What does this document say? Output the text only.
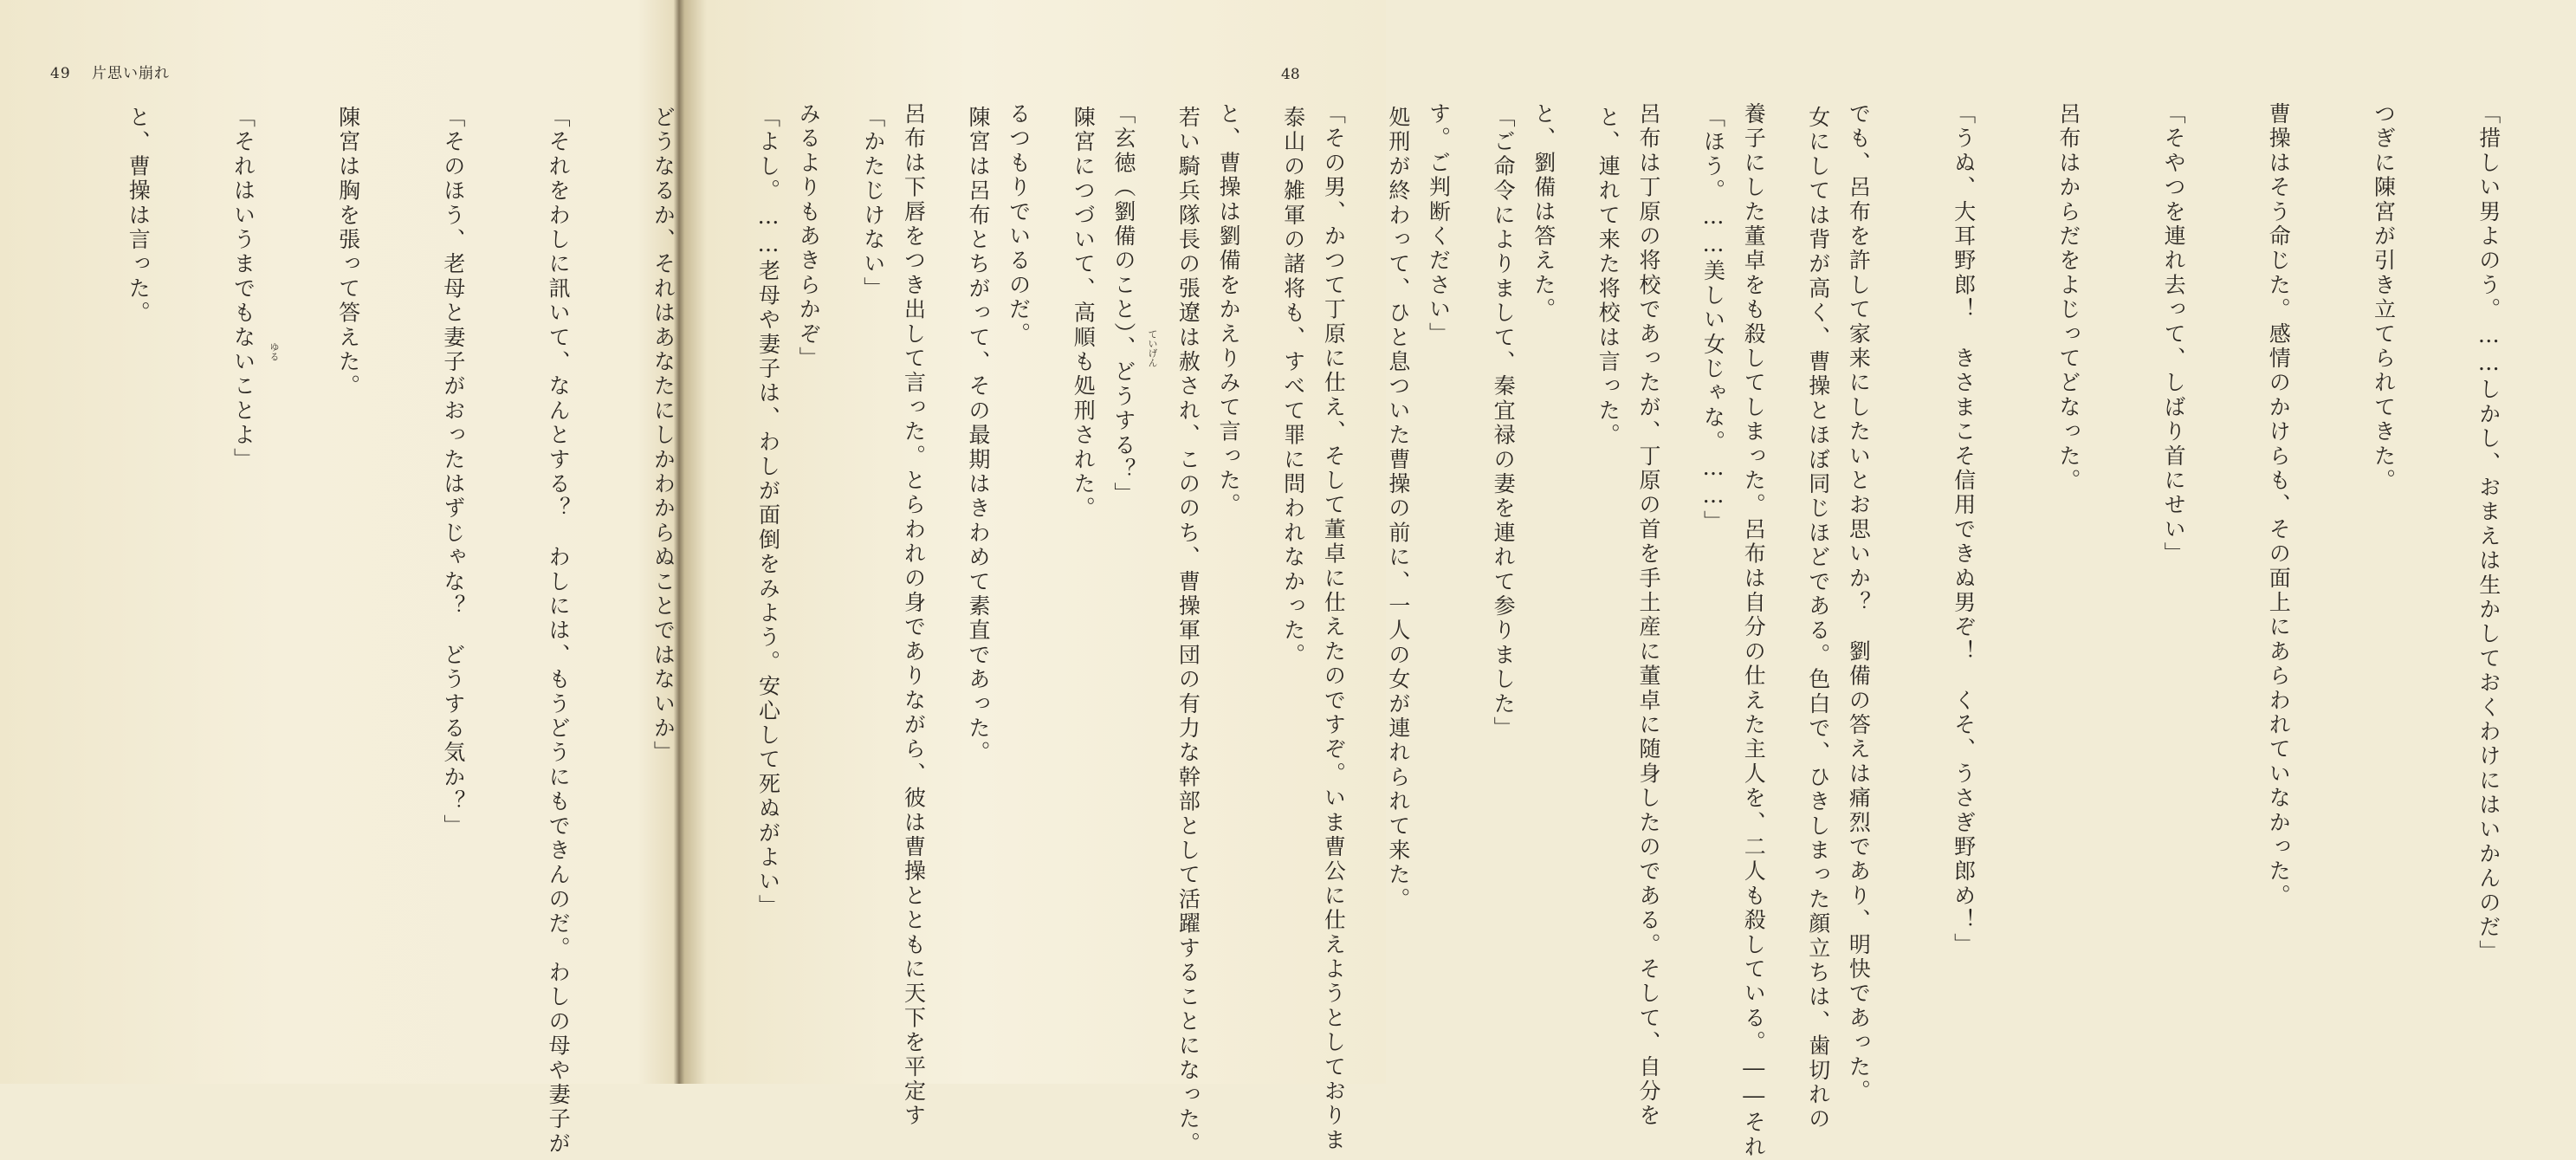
49 片思い崩れ

女にしては背が高く、曹操とほぼ同じほどである。色白で、ひきしまった顔立ちは、歯切れの

「ほう。……美しい女じゃな。……」

と、連れて来た将校は言った。

「ご命令によりまして、秦宜禄の妻を連れて参りました」

処刑が終わって、ひと息ついた曹操の前に、一人の女が連れられて来た。

泰山の雑軍の諸将も、すべて罪に問われなかった。

若い騎兵隊長の張遼は赦され、こののち、曹操軍団の有力な幹部として活躍することになった。

陳宮につづいて、高順も処刑された。

陳宮は呂布とちがって、その最期はきわめて素直であった。

「かたじけない」

「よし。……老母や妻子は、わしが面倒をみよう。安心して死ぬがよい」

どうなるか、それはあなたにしかわからぬことではないか」

「それをわしに訊いて、なんとする？　わしには、もうどうにもできんのだ。わしの母や妻子が

「そのほう、老母と妻子がおったはずじゃな？　どうする気か？」

陳宮は胸を張って答えた。

「それはいうまでもないことよ」

と、曹操は言った。

ゆる
48

「措しい男よのう。……しかし、おまえは生かしておくわけにはいかんのだ」

つぎに陳宮が引き立てられてきた。

曹操はそう命じた。感情のかけらも、その面上にあらわれていなかった。

「そやつを連れ去って、しばり首にせい」

呂布はからだをよじってどなった。

「うぬ、大耳野郎！　きさまこそ信用できぬ男ぞ！　くそ、うさぎ野郎め！」

でも、呂布を許して家来にしたいとお思いか？　劉備の答えは痛烈であり、明快であった。

養子にした董卓をも殺してしまった。呂布は自分の仕えた主人を、二人も殺している。――それ

呂布は丁原の将校であったが、丁原の首を手土産に董卓に随身したのである。そして、自分を

と、劉備は答えた。

す。ご判断ください」

「その男、かつて丁原に仕え、そして董卓に仕えたのですぞ。いま曹公に仕えようとしておりま

と、曹操は劉備をかえりみて言った。

「玄徳（劉備のこと）、どうする？」

るつもりでいるのだ。

呂布は下唇をつき出して言った。とらわれの身でありながら、彼は曹操とともに天下を平定す

みるよりもあきらかぞ」

	ていげん
